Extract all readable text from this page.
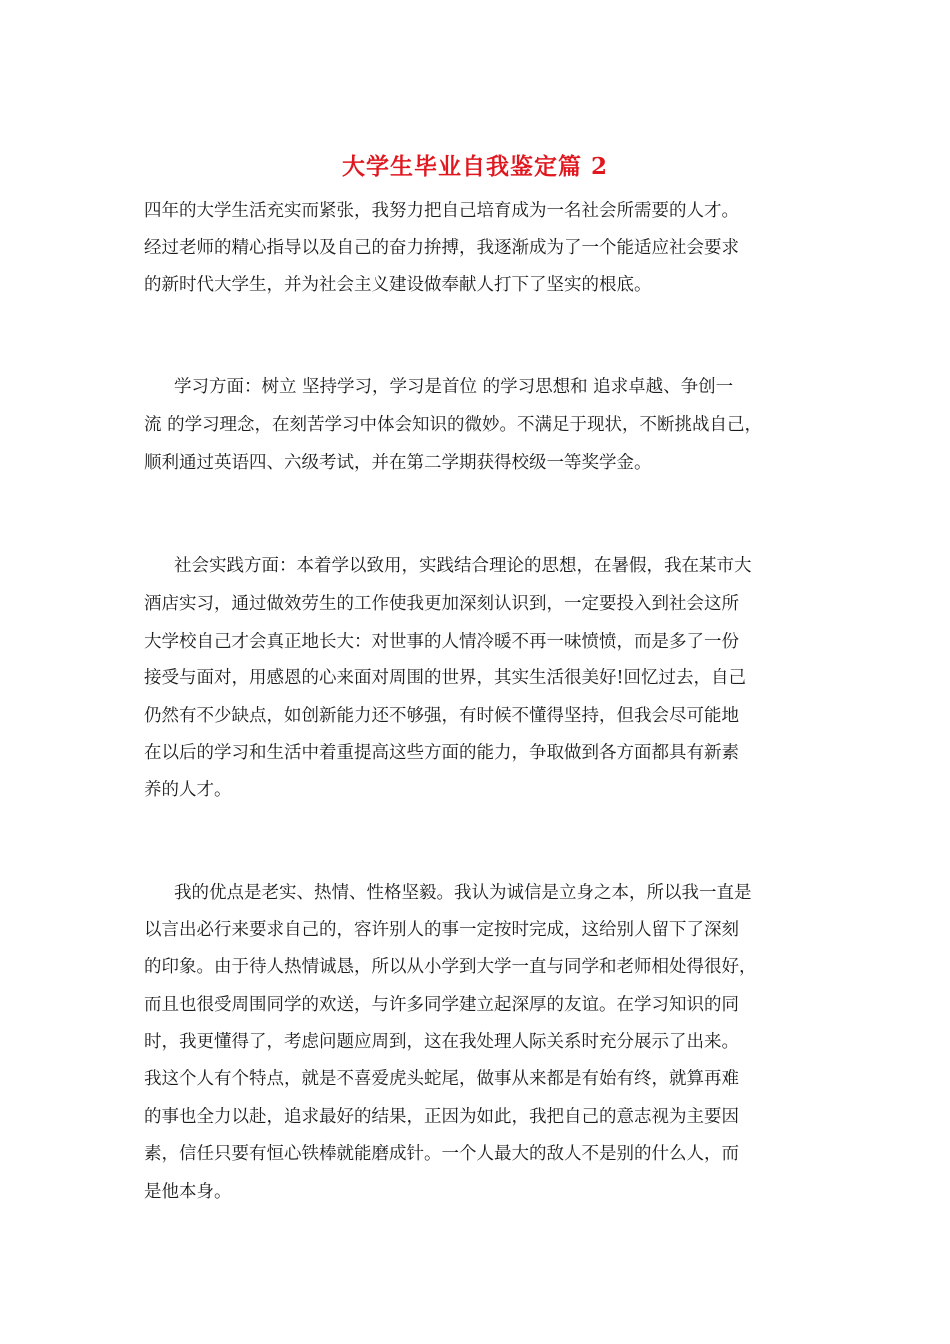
大学生毕业自我鉴定篇 2
四年的大学生活充实而紧张，我努力把自己培育成为一名社会所需要的人才。
经过老师的精心指导以及自己的奋力拚搏，我逐渐成为了一个能适应社会要求
的新时代大学生，并为社会主义建设做奉献人打下了坚实的根底。
学习方面：树立 坚持学习，学习是首位 的学习思想和 追求卓越、争创一
流 的学习理念，在刻苦学习中体会知识的微妙。不满足于现状，不断挑战自己，
顺利通过英语四、六级考试，并在第二学期获得校级一等奖学金。
社会实践方面：本着学以致用，实践结合理论的思想，在暑假，我在某市大
酒店实习，通过做效劳生的工作使我更加深刻认识到，一定要投入到社会这所
大学校自己才会真正地长大：对世事的人情冷暖不再一味愤愤，而是多了一份
接受与面对，用感恩的心来面对周围的世界，其实生活很美好!回忆过去，自己
仍然有不少缺点，如创新能力还不够强，有时候不懂得坚持，但我会尽可能地
在以后的学习和生活中着重提高这些方面的能力，争取做到各方面都具有新素
养的人才。
我的优点是老实、热情、性格坚毅。我认为诚信是立身之本，所以我一直是
以言出必行来要求自己的，容许别人的事一定按时完成，这给别人留下了深刻
的印象。由于待人热情诚恳，所以从小学到大学一直与同学和老师相处得很好，
而且也很受周围同学的欢送，与许多同学建立起深厚的友谊。在学习知识的同
时，我更懂得了，考虑问题应周到，这在我处理人际关系时充分展示了出来。
我这个人有个特点，就是不喜爱虎头蛇尾，做事从来都是有始有终，就算再难
的事也全力以赴，追求最好的结果，正因为如此，我把自己的意志视为主要因
素，信任只要有恒心铁棒就能磨成针。一个人最大的敌人不是别的什么人，而
是他本身。
